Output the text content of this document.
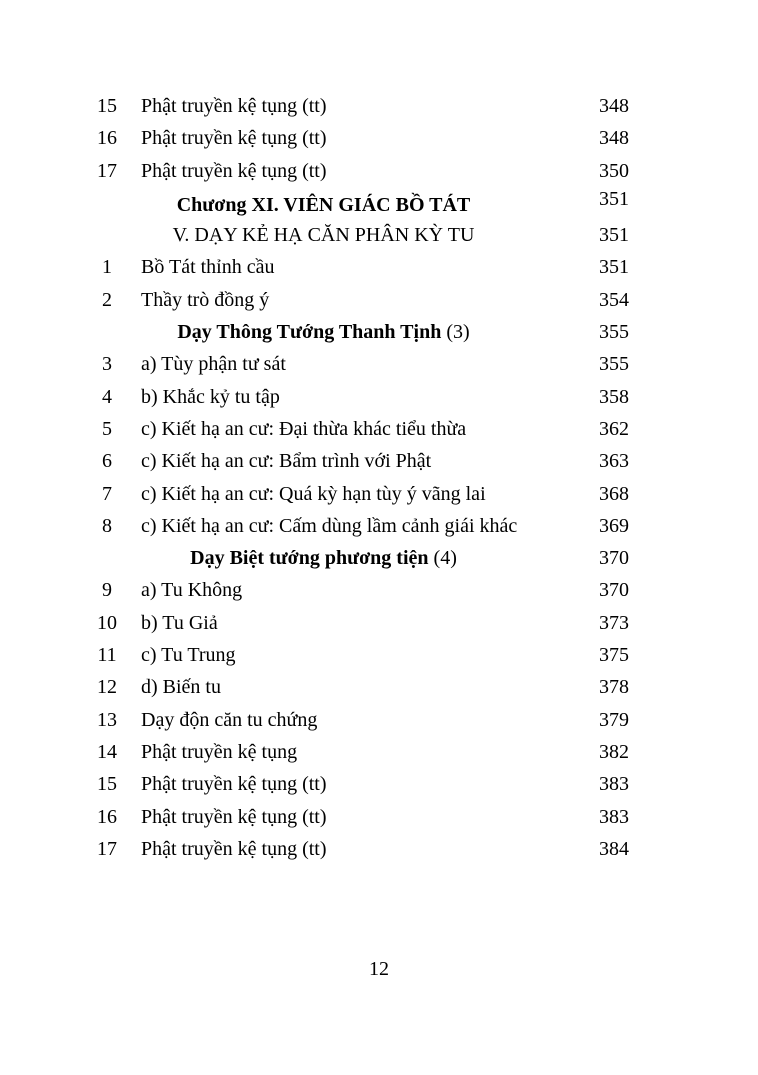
15	Phật truyền kệ tụng (tt)	348
16	Phật truyền kệ tụng (tt)	348
17	Phật truyền kệ tụng (tt)	350
Chương XI. VIÊN GIÁC BỒ TÁT	351
V. DẠY KẺ HẠ CĂN PHÂN KỲ TU	351
1	Bồ Tát thỉnh cầu	351
2	Thầy trò đồng ý	354
Dạy Thông Tướng Thanh Tịnh (3)	355
3	a) Tùy phận tư sát	355
4	b) Khắc kỷ tu tập	358
5	c) Kiết hạ an cư: Đại thừa khác tiểu thừa	362
6	c) Kiết hạ an cư: Bẩm trình với Phật	363
7	c) Kiết hạ an cư: Quá kỳ hạn tùy ý vãng lai	368
8	c) Kiết hạ an cư: Cấm dùng lầm cảnh giái khác	369
Dạy Biệt tướng phương tiện (4)	370
9	a) Tu Không	370
10	b) Tu Giả	373
11	c) Tu Trung	375
12	d) Biến tu	378
13	Dạy độn căn tu chứng	379
14	Phật truyền kệ tụng	382
15	Phật truyền kệ tụng (tt)	383
16	Phật truyền kệ tụng (tt)	383
17	Phật truyền kệ tụng (tt)	384
12
